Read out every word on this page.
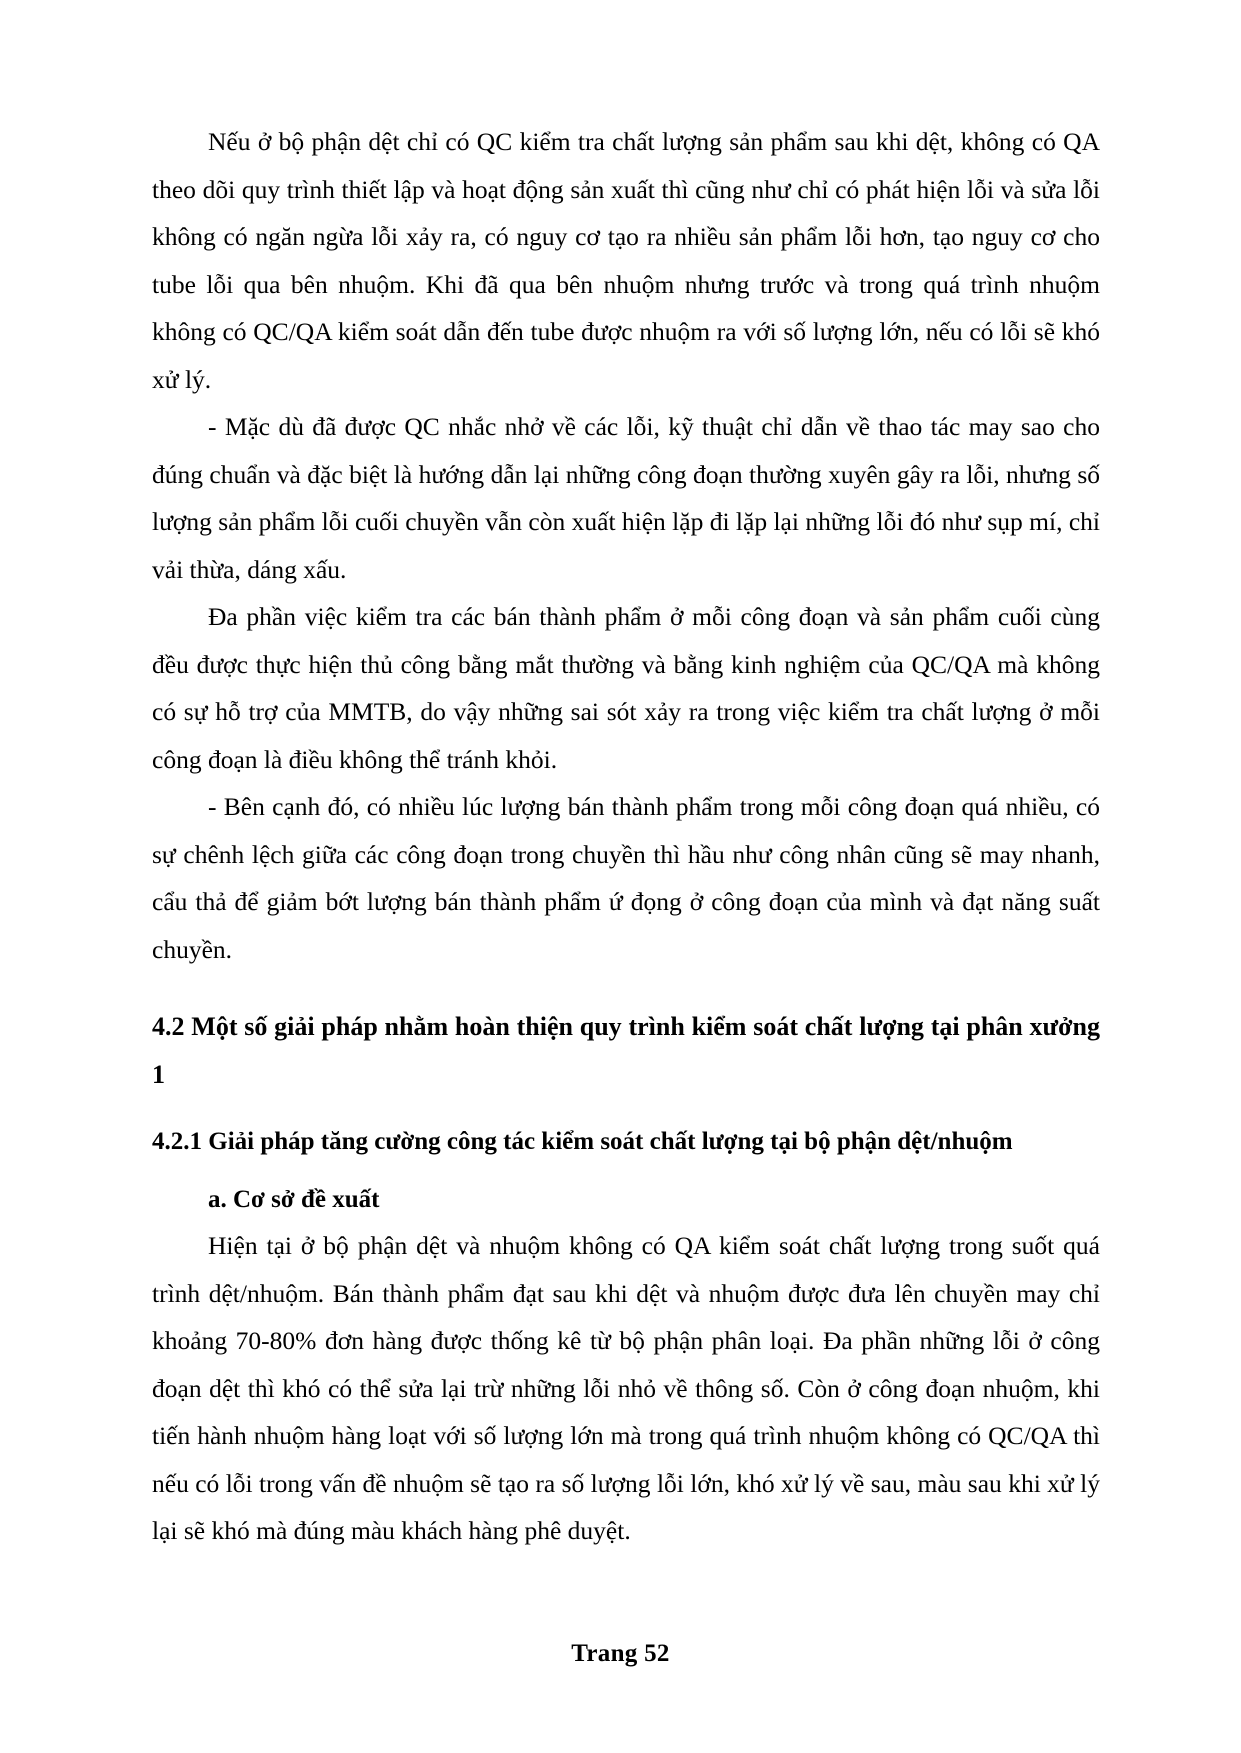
Nếu ở bộ phận dệt chỉ có QC kiểm tra chất lượng sản phẩm sau khi dệt, không có QA theo dõi quy trình thiết lập và hoạt động sản xuất thì cũng như chỉ có phát hiện lỗi và sửa lỗi không có ngăn ngừa lỗi xảy ra, có nguy cơ tạo ra nhiều sản phẩm lỗi hơn, tạo nguy cơ cho tube lỗi qua bên nhuộm. Khi đã qua bên nhuộm nhưng trước và trong quá trình nhuộm không có QC/QA kiểm soát dẫn đến tube được nhuộm ra với số lượng lớn, nếu có lỗi sẽ khó xử lý.

- Mặc dù đã được QC nhắc nhở về các lỗi, kỹ thuật chỉ dẫn về thao tác may sao cho đúng chuẩn và đặc biệt là hướng dẫn lại những công đoạn thường xuyên gây ra lỗi, nhưng số lượng sản phẩm lỗi cuối chuyền vẫn còn xuất hiện lặp đi lặp lại những lỗi đó như sụp mí, chỉ vải thừa, dáng xấu.

Đa phần việc kiểm tra các bán thành phẩm ở mỗi công đoạn và sản phẩm cuối cùng đều được thực hiện thủ công bằng mắt thường và bằng kinh nghiệm của QC/QA mà không có sự hỗ trợ của MMTB, do vậy những sai sót xảy ra trong việc kiểm tra chất lượng ở mỗi công đoạn là điều không thể tránh khỏi.

- Bên cạnh đó, có nhiều lúc lượng bán thành phẩm trong mỗi công đoạn quá nhiều, có sự chênh lệch giữa các công đoạn trong chuyền thì hầu như công nhân cũng sẽ may nhanh, cẩu thả để giảm bớt lượng bán thành phẩm ứ đọng ở công đoạn của mình và đạt năng suất chuyền.

4.2 Một số giải pháp nhằm hoàn thiện quy trình kiểm soát chất lượng tại phân xưởng 1
4.2.1 Giải pháp tăng cường công tác kiểm soát chất lượng tại bộ phận dệt/nhuộm
a. Cơ sở đề xuất

Hiện tại ở bộ phận dệt và nhuộm không có QA kiểm soát chất lượng trong suốt quá trình dệt/nhuộm. Bán thành phẩm đạt sau khi dệt và nhuộm được đưa lên chuyền may chỉ khoảng 70-80% đơn hàng được thống kê từ bộ phận phân loại. Đa phần những lỗi ở công đoạn dệt thì khó có thể sửa lại trừ những lỗi nhỏ về thông số. Còn ở công đoạn nhuộm, khi tiến hành nhuộm hàng loạt với số lượng lớn mà trong quá trình nhuộm không có QC/QA thì nếu có lỗi trong vấn đề nhuộm sẽ tạo ra số lượng lỗi lớn, khó xử lý về sau, màu sau khi xử lý lại sẽ khó mà đúng màu khách hàng phê duyệt.

Trang 52
